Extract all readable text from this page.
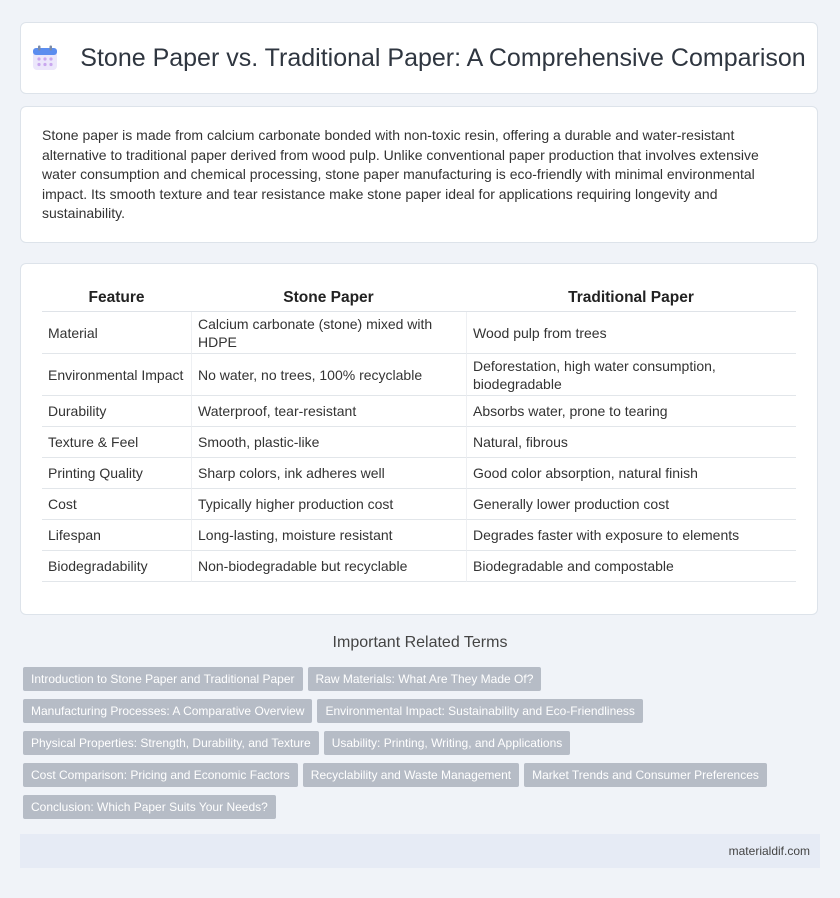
Stone Paper vs. Traditional Paper: A Comprehensive Comparison

Stone paper is made from calcium carbonate bonded with non-toxic resin, offering a durable and water-resistant alternative to traditional paper derived from wood pulp. Unlike conventional paper production that involves extensive water consumption and chemical processing, stone paper manufacturing is eco-friendly with minimal environmental impact. Its smooth texture and tear resistance make stone paper ideal for applications requiring longevity and sustainability.

Feature	Stone Paper	Traditional Paper
Material	Calcium carbonate (stone) mixed with HDPE	Wood pulp from trees
Environmental Impact	No water, no trees, 100% recyclable	Deforestation, high water consumption, biodegradable
Durability	Waterproof, tear-resistant	Absorbs water, prone to tearing
Texture & Feel	Smooth, plastic-like	Natural, fibrous
Printing Quality	Sharp colors, ink adheres well	Good color absorption, natural finish
Cost	Typically higher production cost	Generally lower production cost
Lifespan	Long-lasting, moisture resistant	Degrades faster with exposure to elements
Biodegradability	Non-biodegradable but recyclable	Biodegradable and compostable
Important Related Terms
Introduction to Stone Paper and Traditional Paper Raw Materials: What Are They Made Of?
Manufacturing Processes: A Comparative Overview Environmental Impact: Sustainability and Eco-Friendliness
Physical Properties: Strength, Durability, and Texture Usability: Printing, Writing, and Applications
Cost Comparison: Pricing and Economic Factors Recyclability and Waste Management Market Trends and Consumer Preferences
Conclusion: Which Paper Suits Your Needs?
materialdif.com
